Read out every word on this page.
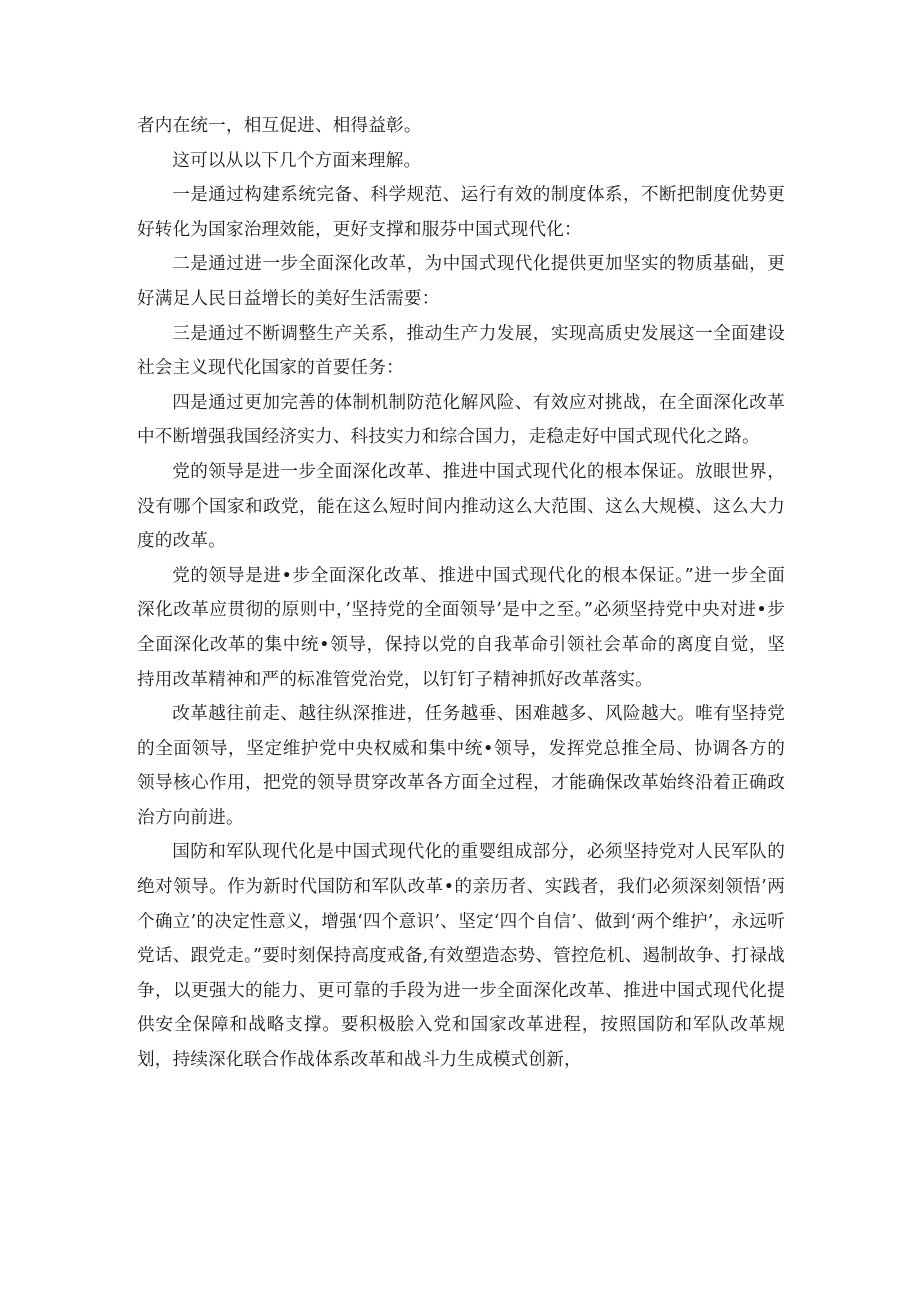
者内在统一，相互促进、相得益彰。

这可以从以下几个方面来理解。

一是通过构建系统完备、科学规范、运行有效的制度体系，不断把制度优势更好转化为国家治理效能，更好支撑和服芬中国式现代化：

二是通过进一步全面深化改革，为中国式现代化提供更加坚实的物质基础，更好满足人民日益增长的美好生活需要：

三是通过不断调整生产关系，推动生产力发展，实现高质史发展这一全面建设社会主义现代化国家的首要任务：

四是通过更加完善的体制机制防范化解风险、有效应对挑战，在全面深化改革中不断增强我国经济实力、科技实力和综合国力，走稳走好中国式现代化之路。

党的领导是进一步全面深化改革、推进中国式现代化的根本保证。放眼世界，没有哪个国家和政党，能在这么短时间内推动这么大范围、这么大规模、这么大力度的改革。

党的领导是进•步全面深化改革、推进中国式现代化的根本保证。”进一步全面深化改革应贯彻的原则中，’坚持党的全面领导’是中之至。”必须坚持党中央对进•步全面深化改革的集中统•领导，保持以党的自我革命引领社会革命的离度自觉，坚持用改革精神和严的标准管党治党，以钉钉子精神抓好改革落实。

改革越往前走、越往纵深推进，任务越垂、困难越多、风险越大。唯有坚持党的全面领导，坚定维护党中央权威和集中统•领导，发挥党总推全局、协调各方的领导核心作用，把党的领导贯穿改革各方面全过程，才能确保改革始终沿着正确政治方向前进。

国防和军队现代化是中国式现代化的重婴组成部分，必须坚持党对人民军队的绝对领导。作为新时代国防和军队改革•的亲历者、实践者，我们必须深刻领悟’两个确立’的决定性意义，增强‘四个意识’、坚定‘四个自信’、做到‘两个维护’，永远听党话、跟党走。”要时刻保持高度戒备,有效塑造态势、管控危机、遏制故争、打禄战争，以更强大的能力、更可靠的手段为进一步全面深化改革、推进中国式现代化提供安全保障和战略支撑。要积极脍入党和国家改革进程，按照国防和军队改革规划，持续深化联合作战体系改革和战斗力生成模式创新，
